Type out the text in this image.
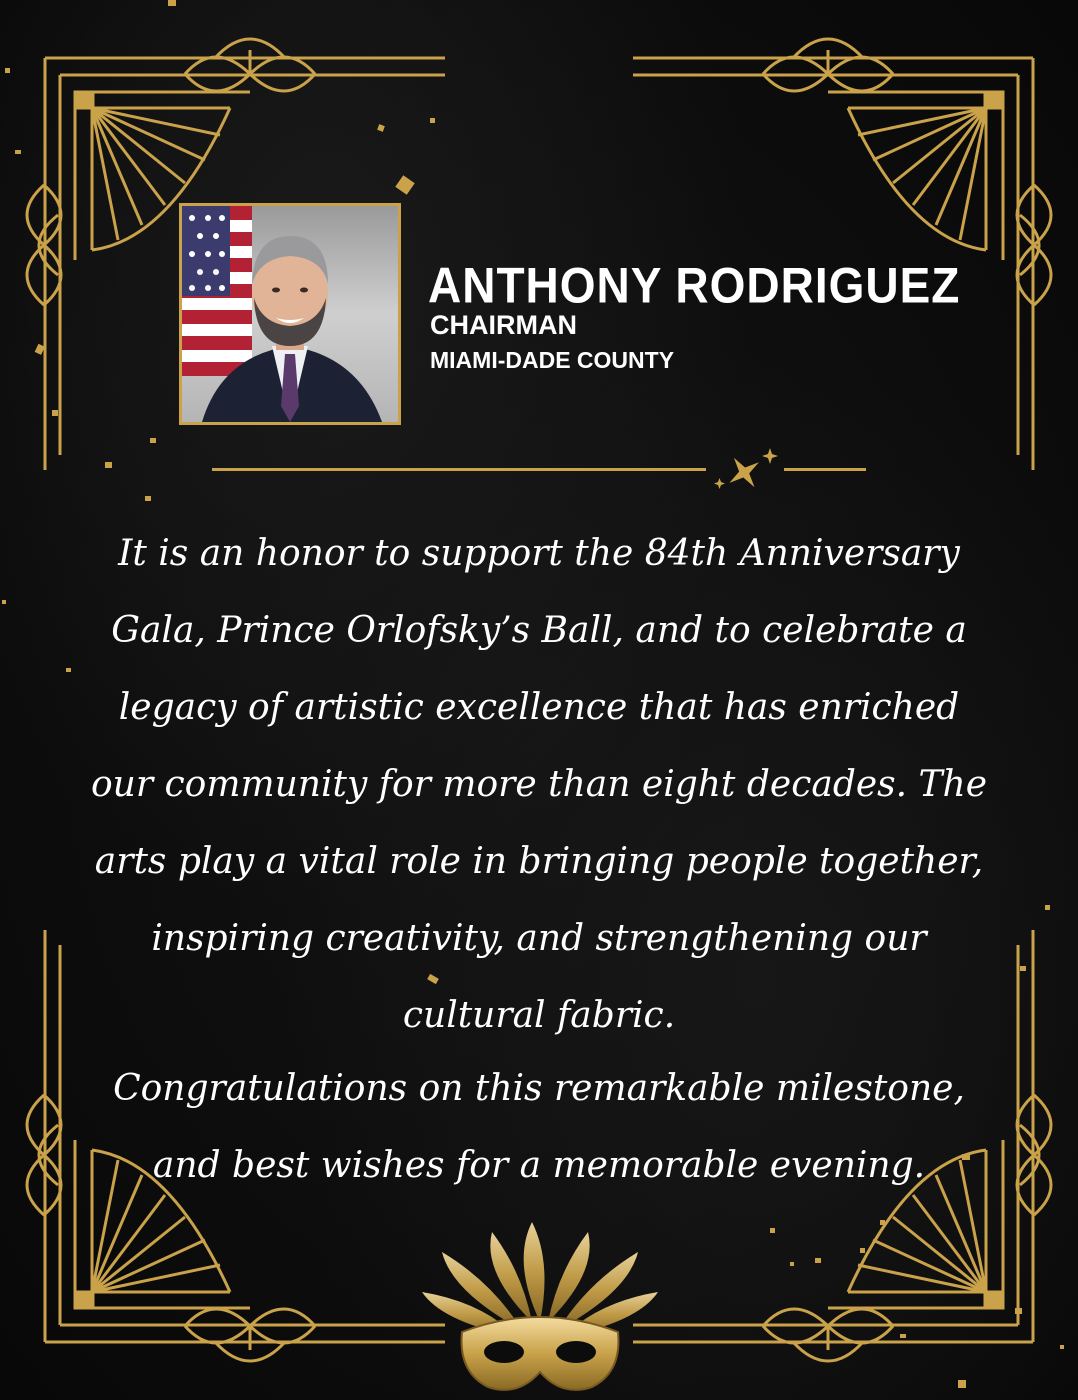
ANTHONY RODRIGUEZ
CHAIRMAN
MIAMI-DADE COUNTY

It is an honor to support the 84th Anniversary Gala, Prince Orlofsky’s Ball, and to celebrate a legacy of artistic excellence that has enriched our community for more than eight decades. The arts play a vital role in bringing people together, inspiring creativity, and strengthening our cultural fabric.

Congratulations on this remarkable milestone, and best wishes for a memorable evening.
